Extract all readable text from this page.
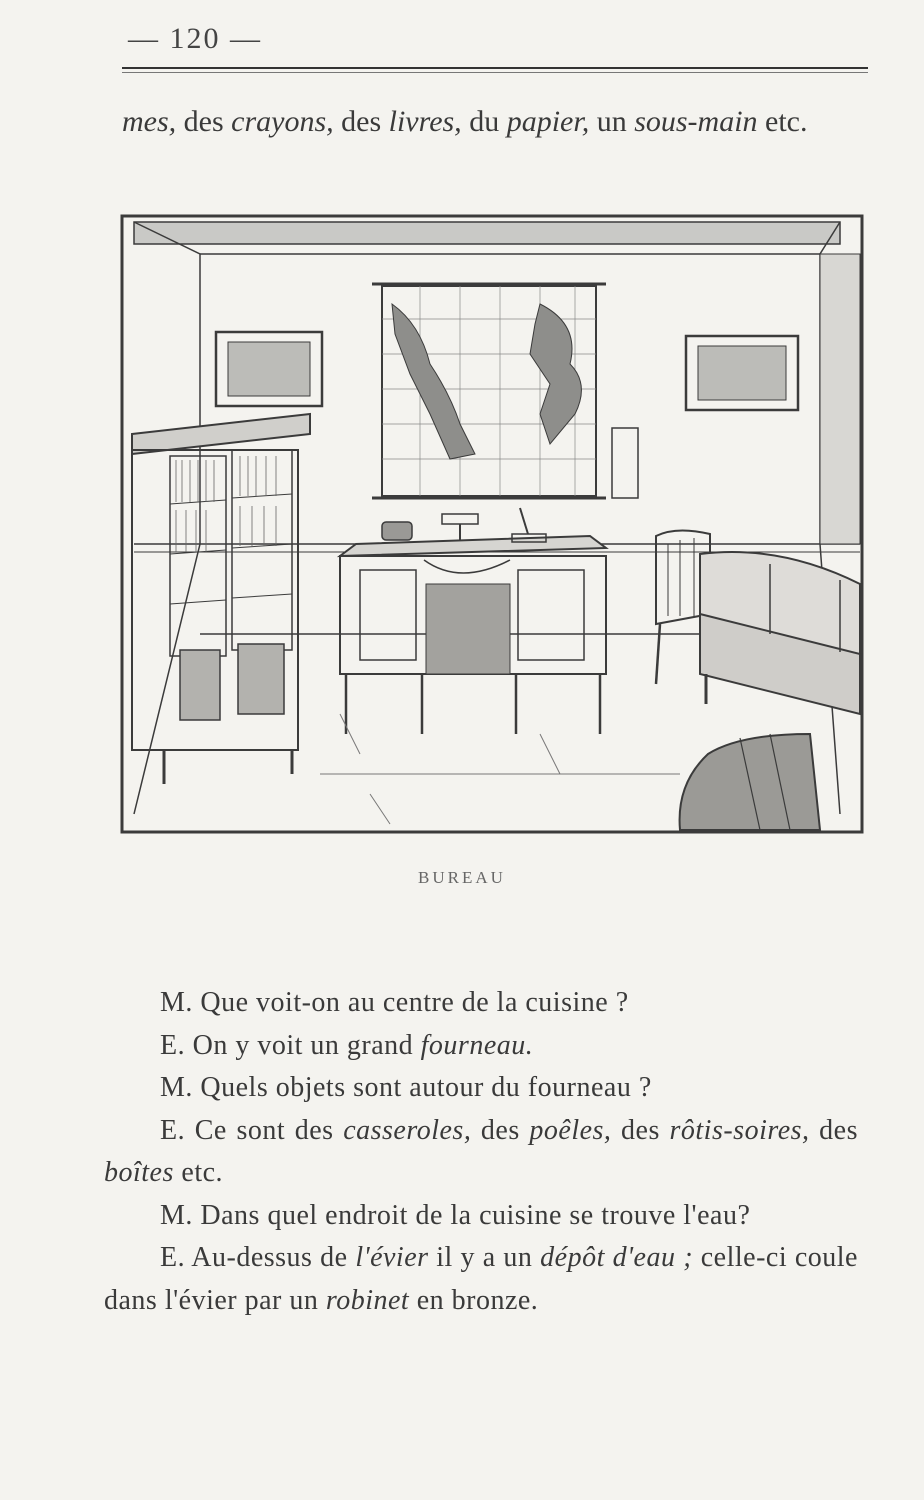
— 120 —
mes, des crayons, des livres, du papier, un sous-main etc.
BUREAU
M. Que voit-on au centre de la cuisine ?
E. On y voit un grand fourneau.
M. Quels objets sont autour du fourneau ?
E. Ce sont des casseroles, des poêles, des rôtis-soires, des boîtes etc.
M. Dans quel endroit de la cuisine se trouve l'eau?
E. Au-dessus de l'évier il y a un dépôt d'eau ; celle-ci coule dans l'évier par un robinet en bronze.
